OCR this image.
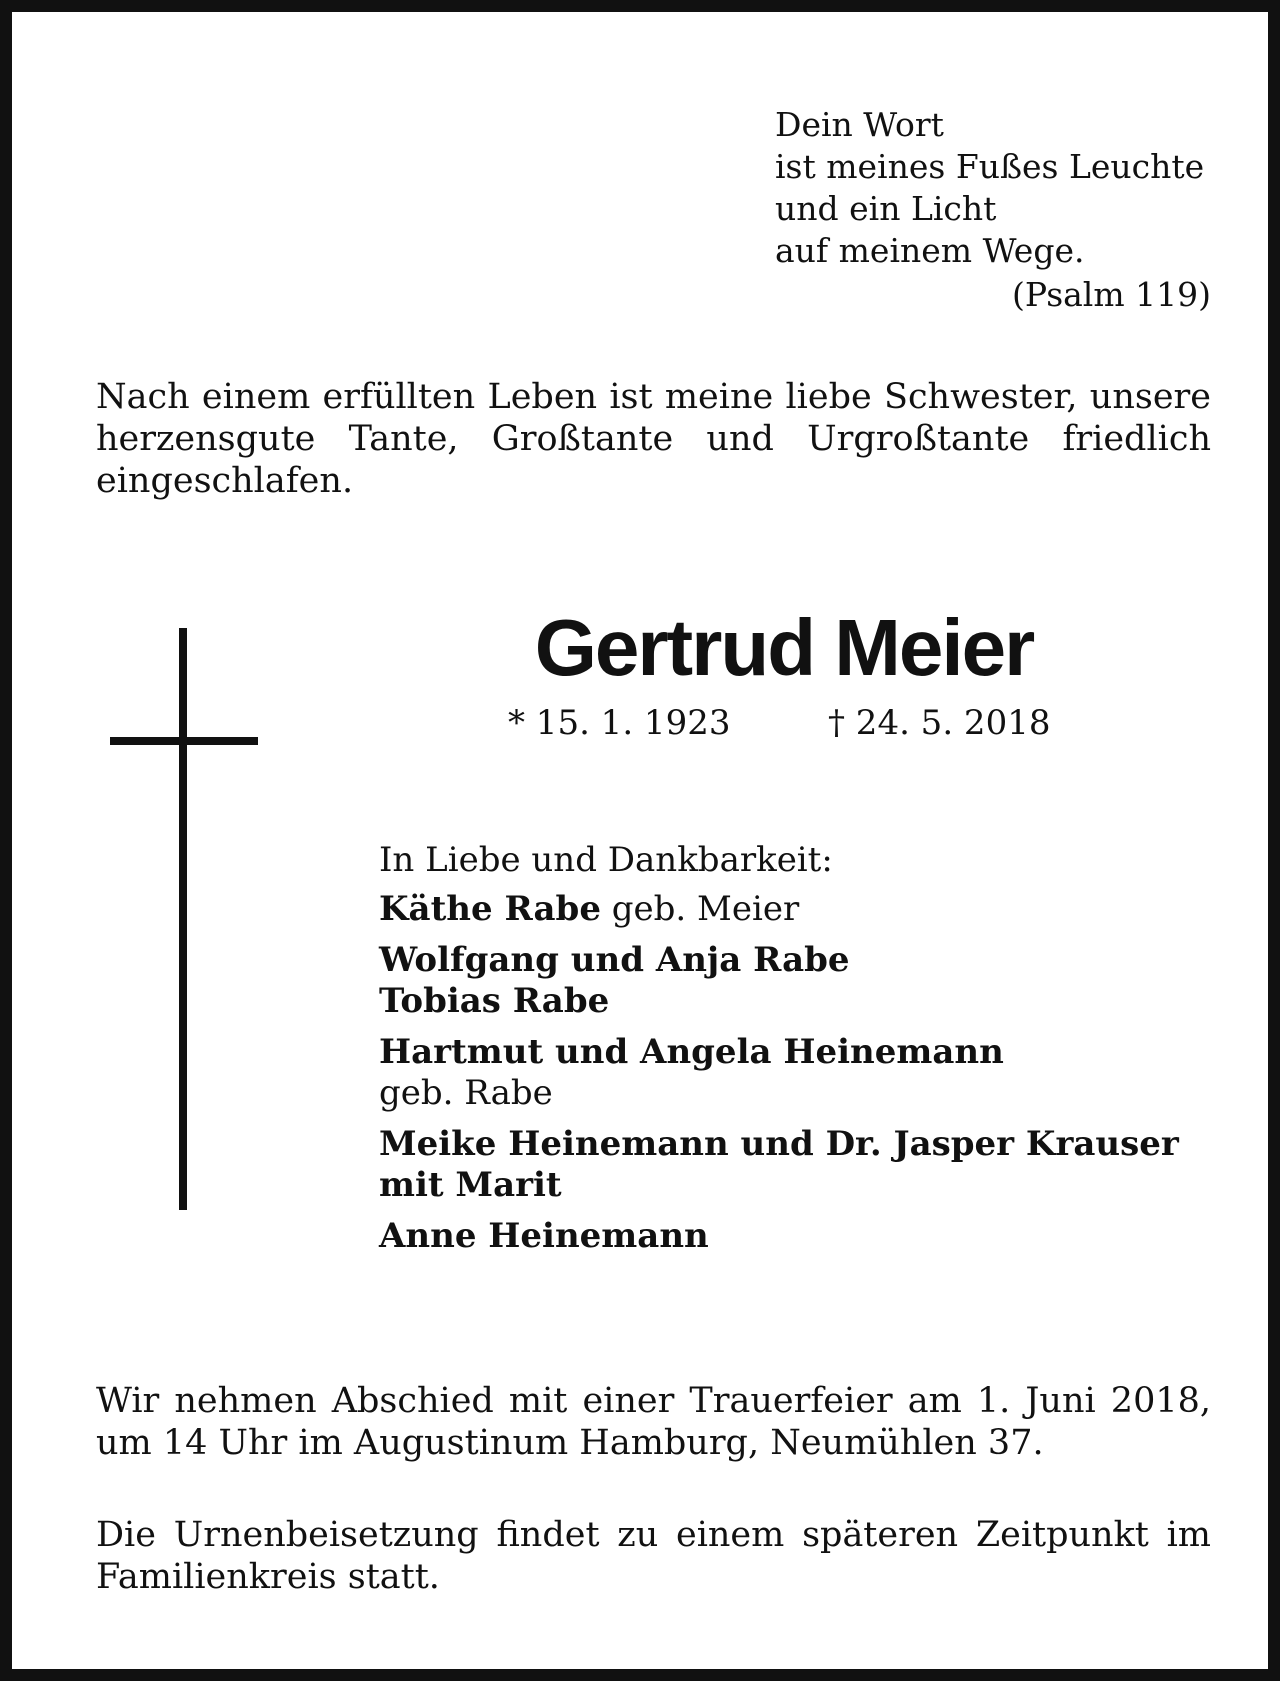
Dein Wort
ist meines Fußes Leuchte
und ein Licht
auf meinem Wege.
(Psalm 119)
Nach einem erfüllten Leben ist meine liebe Schwester, unsere herzensgute Tante, Großtante und Urgroßtante friedlich eingeschlafen.
Gertrud Meier
* 15. 1. 1923	† 24. 5. 2018
In Liebe und Dankbarkeit:
Käthe Rabe geb. Meier
Wolfgang und Anja Rabe
Tobias Rabe
Hartmut und Angela Heinemann
geb. Rabe
Meike Heinemann und Dr. Jasper Krauser
mit Marit
Anne Heinemann
Wir nehmen Abschied mit einer Trauerfeier am 1. Juni 2018, um 14 Uhr im Augustinum Hamburg, Neumühlen 37.
Die Urnenbeisetzung findet zu einem späteren Zeitpunkt im Familienkreis statt.
